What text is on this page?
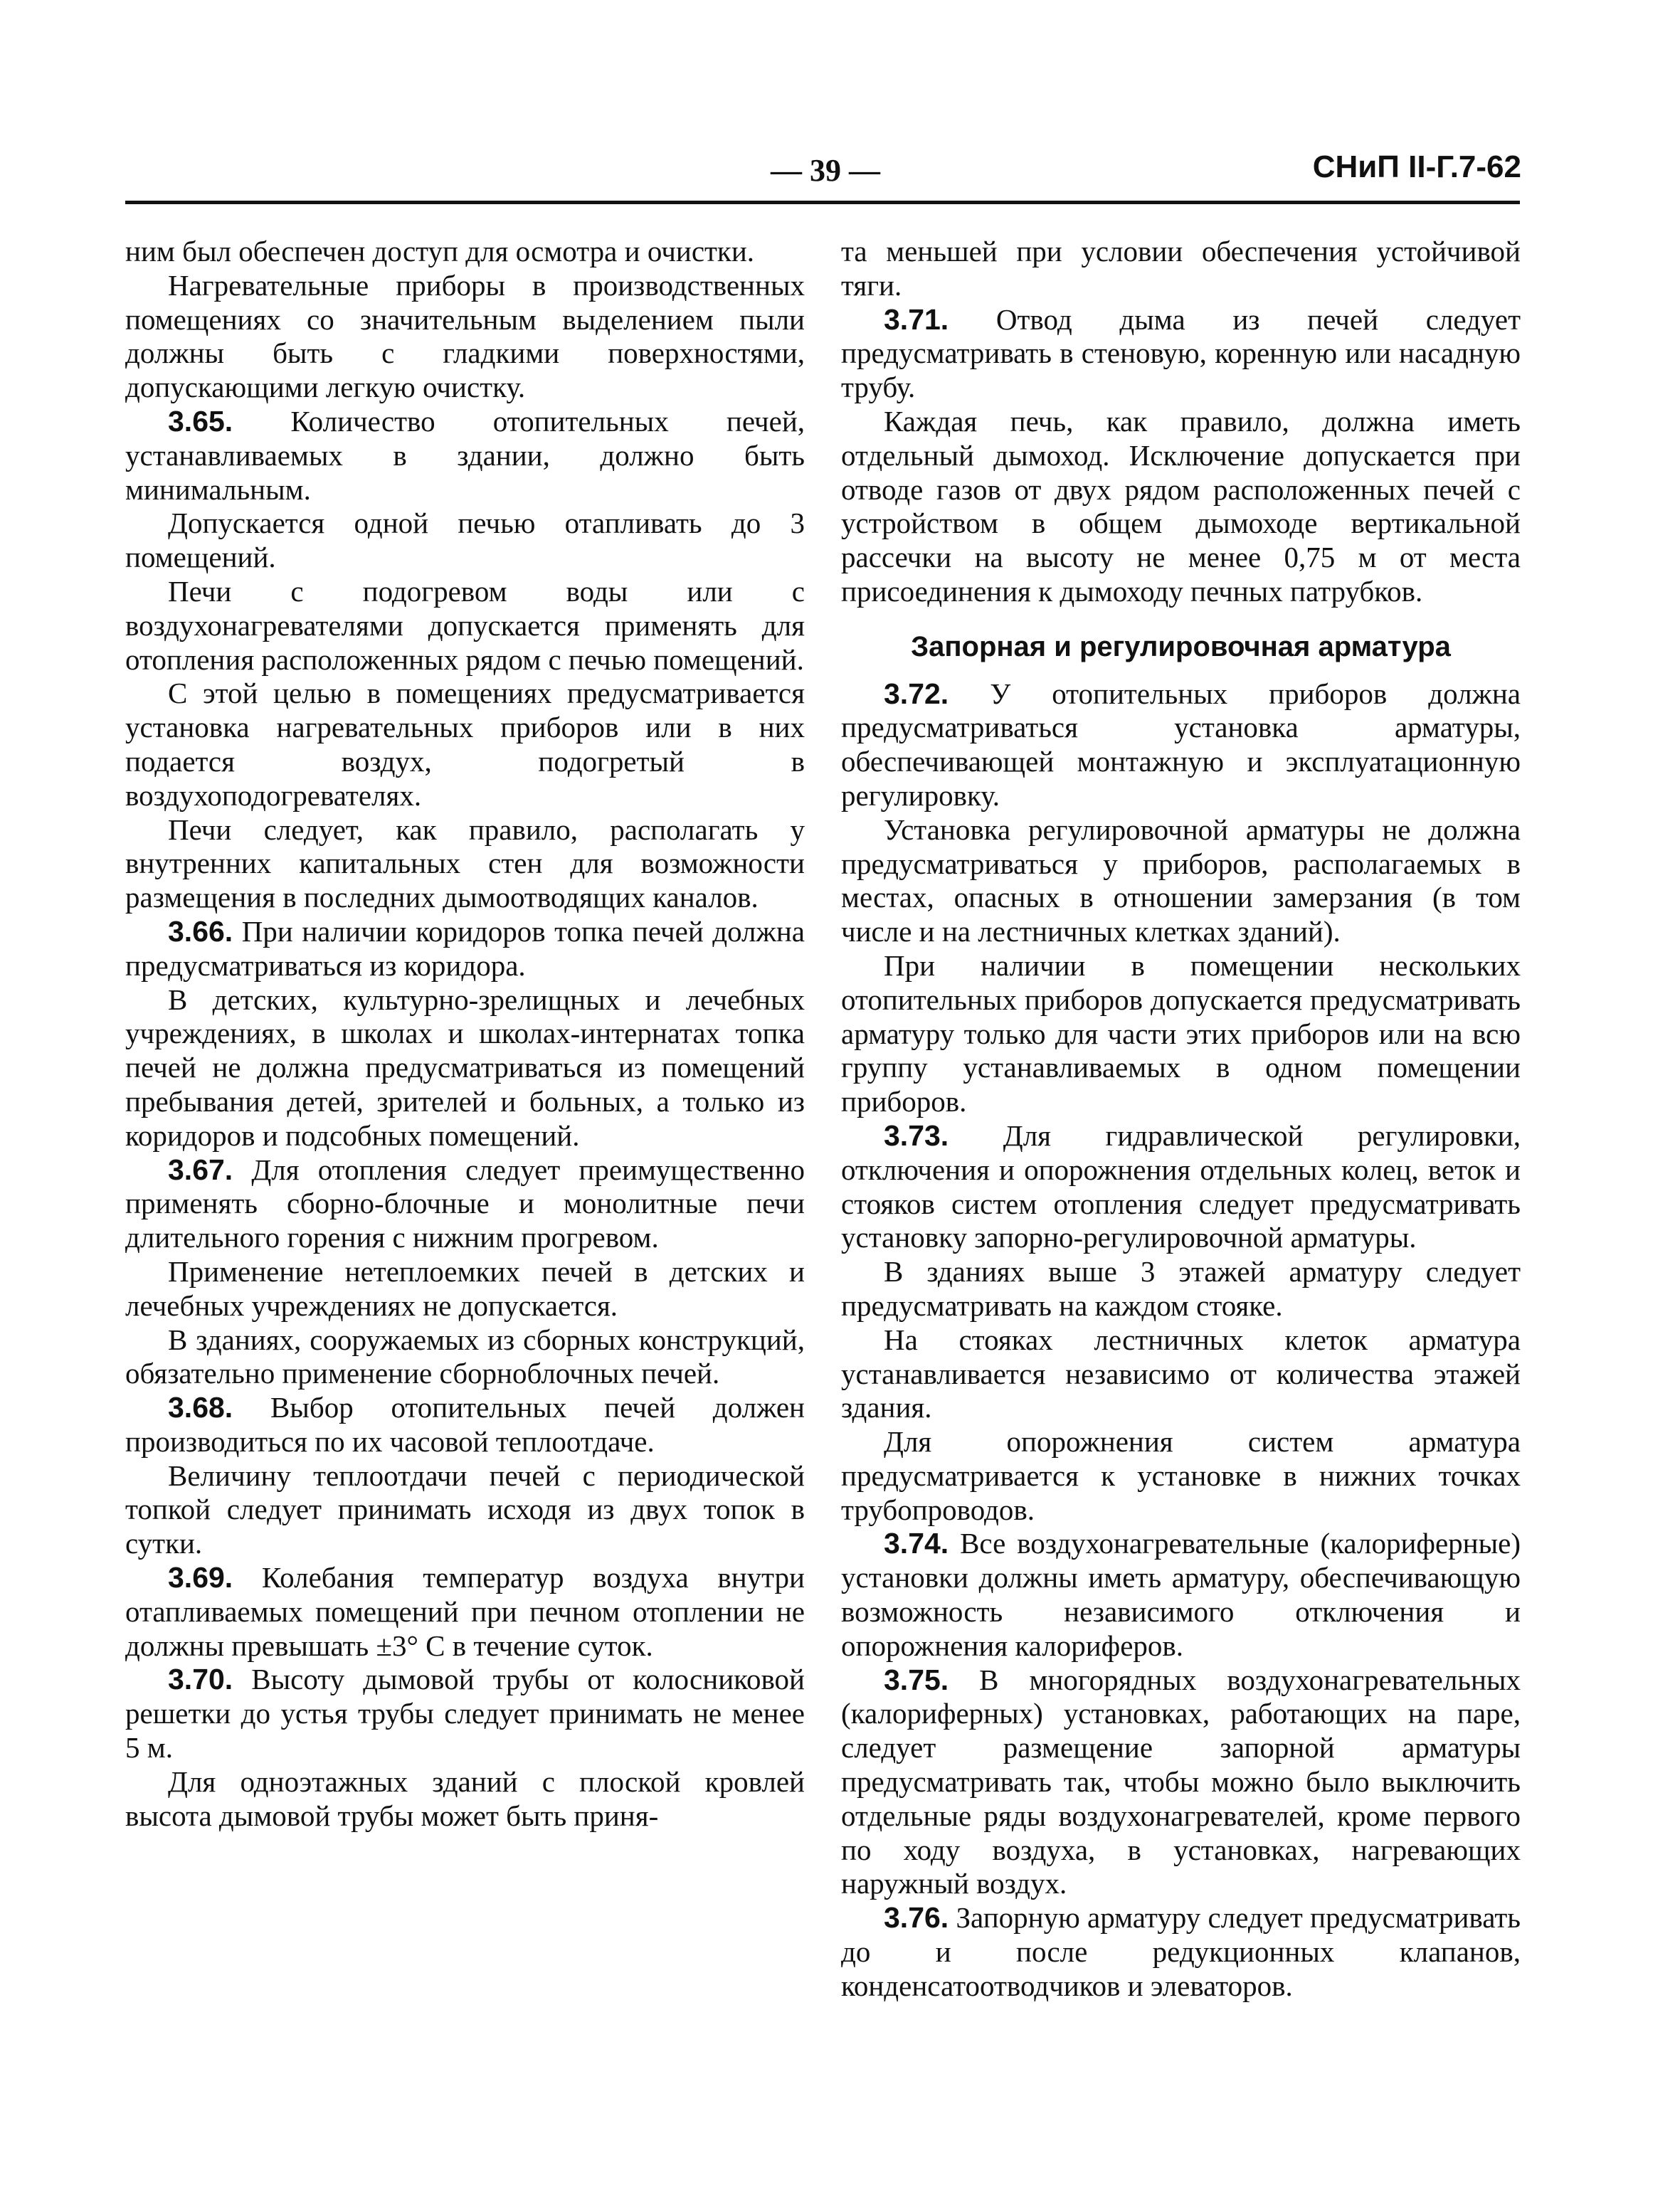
— 39 —	СНиП II-Г.7-62

ним был обеспечен доступ для осмотра и очистки.

Нагревательные приборы в производственных помещениях со значительным выделением пыли должны быть с гладкими поверхностями, допускающими легкую очистку.

3.65. Количество отопительных печей, устанавливаемых в здании, должно быть минимальным.

Допускается одной печью отапливать до 3 помещений.

Печи с подогревом воды или с воздухонагревателями допускается применять для отопления расположенных рядом с печью помещений.

С этой целью в помещениях предусматривается установка нагревательных приборов или в них подается воздух, подогретый в воздухоподогревателях.

Печи следует, как правило, располагать у внутренних капитальных стен для возможности размещения в последних дымоотводящих каналов.

3.66. При наличии коридоров топка печей должна предусматриваться из коридора.

В детских, культурно-зрелищных и лечебных учреждениях, в школах и школах-интернатах топка печей не должна предусматриваться из помещений пребывания детей, зрителей и больных, а только из коридоров и подсобных помещений.

3.67. Для отопления следует преимущественно применять сборно-блочные и монолитные печи длительного горения с нижним прогревом.

Применение нетеплоемких печей в детских и лечебных учреждениях не допускается.

В зданиях, сооружаемых из сборных конструкций, обязательно применение сборноблочных печей.

3.68. Выбор отопительных печей должен производиться по их часовой теплоотдаче.

Величину теплоотдачи печей с периодической топкой следует принимать исходя из двух топок в сутки.

3.69. Колебания температур воздуха внутри отапливаемых помещений при печном отоплении не должны превышать ±3° C в течение суток.

3.70. Высоту дымовой трубы от колосниковой решетки до устья трубы следует принимать не менее 5 м.

Для одноэтажных зданий с плоской кровлей высота дымовой трубы может быть приня-

та меньшей при условии обеспечения устойчивой тяги.

3.71. Отвод дыма из печей следует предусматривать в стеновую, коренную или насадную трубу.

Каждая печь, как правило, должна иметь отдельный дымоход. Исключение допускается при отводе газов от двух рядом расположенных печей с устройством в общем дымоходе вертикальной рассечки на высоту не менее 0,75 м от места присоединения к дымоходу печных патрубков.

Запорная и регулировочная арматура

3.72. У отопительных приборов должна предусматриваться установка арматуры, обеспечивающей монтажную и эксплуатационную регулировку.

Установка регулировочной арматуры не должна предусматриваться у приборов, располагаемых в местах, опасных в отношении замерзания (в том числе и на лестничных клетках зданий).

При наличии в помещении нескольких отопительных приборов допускается предусматривать арматуру только для части этих приборов или на всю группу устанавливаемых в одном помещении приборов.

3.73. Для гидравлической регулировки, отключения и опорожнения отдельных колец, веток и стояков систем отопления следует предусматривать установку запорно-регулировочной арматуры.

В зданиях выше 3 этажей арматуру следует предусматривать на каждом стояке.

На стояках лестничных клеток арматура устанавливается независимо от количества этажей здания.

Для опорожнения систем арматура предусматривается к установке в нижних точках трубопроводов.

3.74. Все воздухонагревательные (калориферные) установки должны иметь арматуру, обеспечивающую возможность независимого отключения и опорожнения калориферов.

3.75. В многорядных воздухонагревательных (калориферных) установках, работающих на паре, следует размещение запорной арматуры предусматривать так, чтобы можно было выключить отдельные ряды воздухонагревателей, кроме первого по ходу воздуха, в установках, нагревающих наружный воздух.

3.76. Запорную арматуру следует предусматривать до и после редукционных клапанов, конденсатоотводчиков и элеваторов.
